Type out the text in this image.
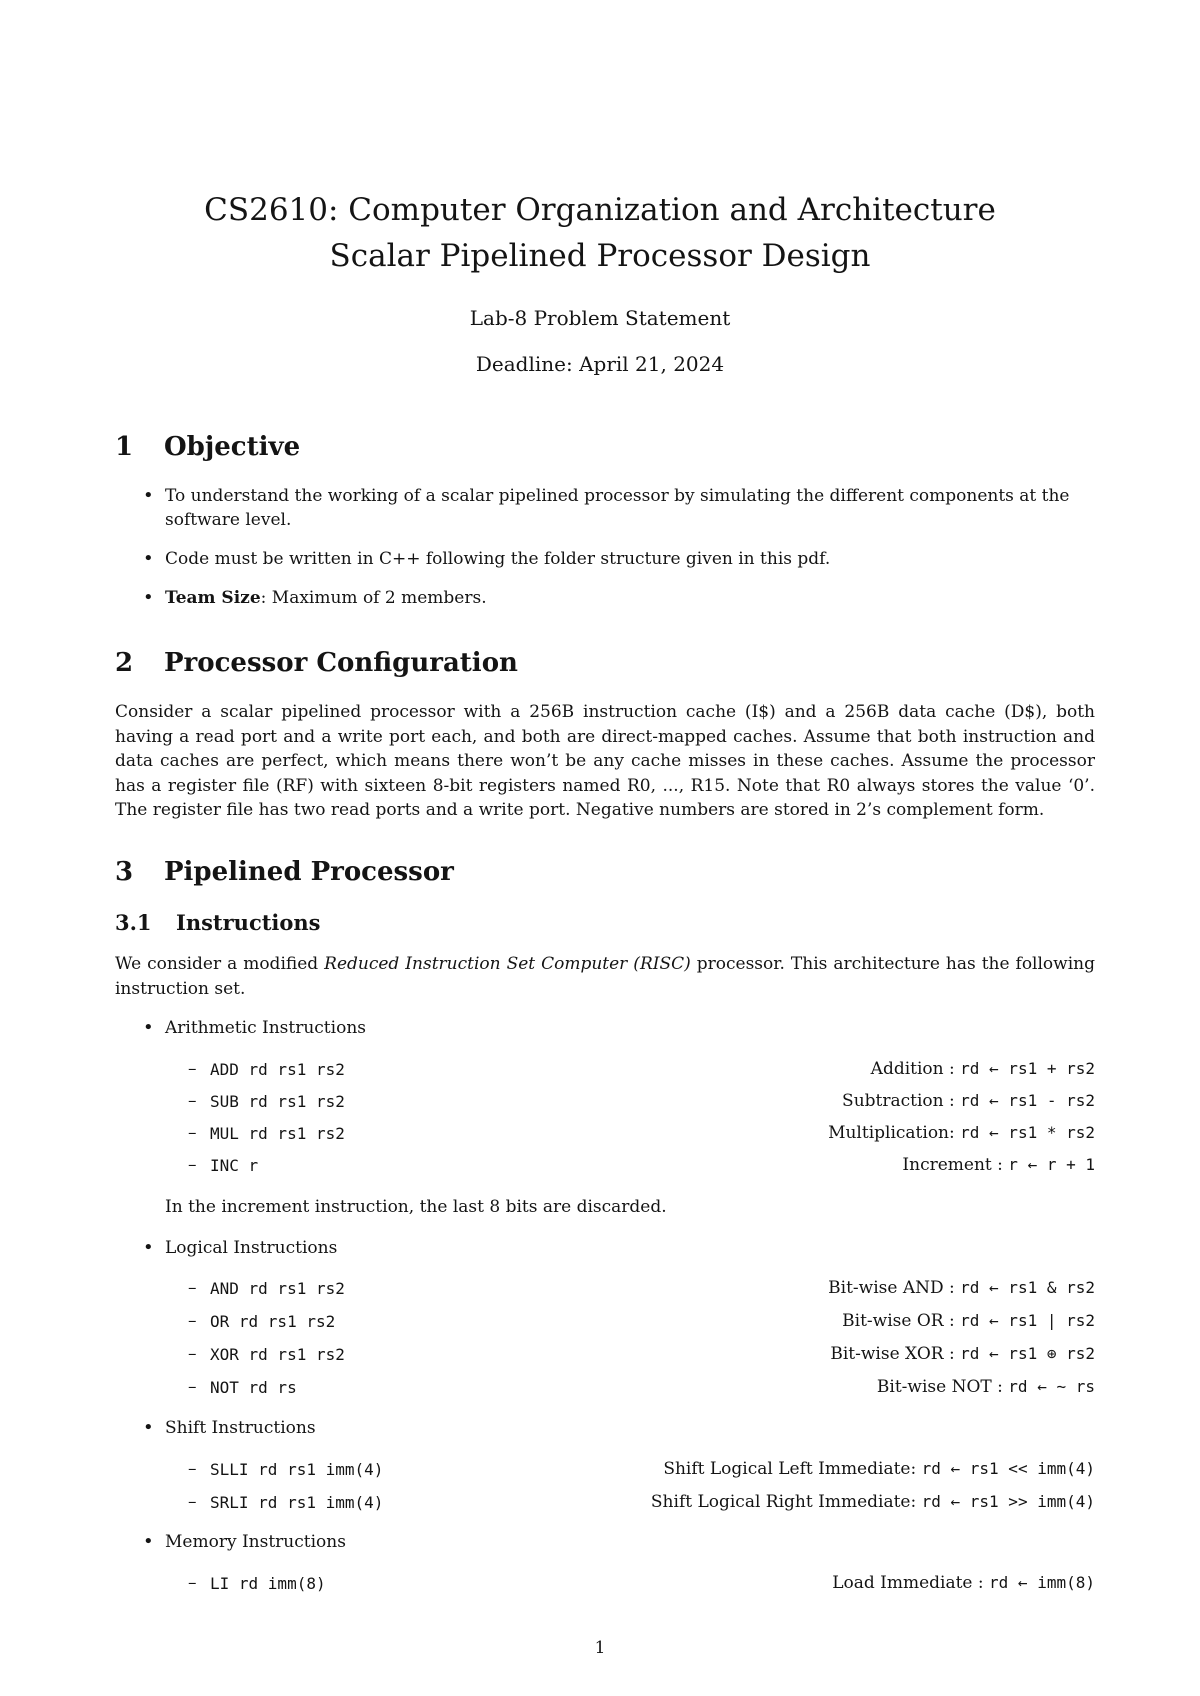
CS2610: Computer Organization and Architecture
Scalar Pipelined Processor Design
Lab-8 Problem Statement
Deadline: April 21, 2024
1 Objective
• To understand the working of a scalar pipelined processor by simulating the different components at the software level.
• Code must be written in C++ following the folder structure given in this pdf.
• Team Size: Maximum of 2 members.
2 Processor Configuration
Consider a scalar pipelined processor with a 256B instruction cache (I$) and a 256B data cache (D$), both having a read port and a write port each, and both are direct-mapped caches. Assume that both instruction and data caches are perfect, which means there won’t be any cache misses in these caches. Assume the processor has a register file (RF) with sixteen 8-bit registers named R0, ..., R15. Note that R0 always stores the value ‘0’. The register file has two read ports and a write port. Negative numbers are stored in 2’s complement form.
3 Pipelined Processor
3.1 Instructions
We consider a modified Reduced Instruction Set Computer (RISC) processor. This architecture has the following instruction set.
• Arithmetic Instructions
– ADD rd rs1 rs2	Addition : rd ← rs1 + rs2
– SUB rd rs1 rs2	Subtraction : rd ← rs1 - rs2
– MUL rd rs1 rs2	Multiplication: rd ← rs1 * rs2
– INC r	Increment : r ← r + 1
In the increment instruction, the last 8 bits are discarded.
• Logical Instructions
– AND rd rs1 rs2	Bit-wise AND : rd ← rs1 & rs2
– OR rd rs1 rs2	Bit-wise OR : rd ← rs1 | rs2
– XOR rd rs1 rs2	Bit-wise XOR : rd ← rs1 ⊕ rs2
– NOT rd rs	Bit-wise NOT : rd ← ∼ rs
• Shift Instructions
– SLLI rd rs1 imm(4)	Shift Logical Left Immediate: rd ← rs1 << imm(4)
– SRLI rd rs1 imm(4)	Shift Logical Right Immediate: rd ← rs1 >> imm(4)
• Memory Instructions
– LI rd imm(8)	Load Immediate : rd ← imm(8)
1
